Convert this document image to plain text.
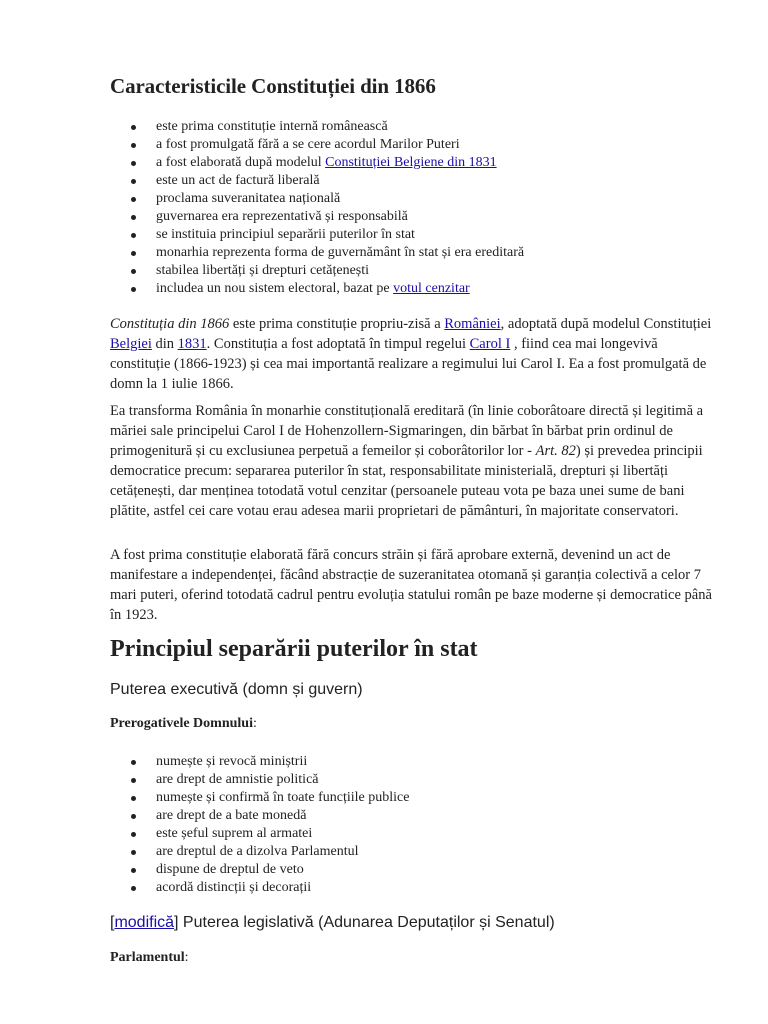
Caracteristicile Constituției din 1866
este prima constituție internă românească
a fost promulgată fără a se cere acordul Marilor Puteri
a fost elaborată după modelul Constituției Belgiene din 1831
este un act de factură liberală
proclama suveranitatea națională
guvernarea era reprezentativă și responsabilă
se instituia principiul separării puterilor în stat
monarhia reprezenta forma de guvernământ în stat și era ereditară
stabilea libertăți și drepturi cetățenești
includea un nou sistem electoral, bazat pe votul cenzitar

Constituția din 1866 este prima constituție propriu-zisă a României, adoptată după modelul Constituției Belgiei din 1831. Constituția a fost adoptată în timpul regelui Carol I , fiind cea mai longevivă constituție (1866-1923) și cea mai importantă realizare a regimului lui Carol I. Ea a fost promulgată de domn la 1 iulie 1866.

Ea transforma România în monarhie constituțională ereditară (în linie coborâtoare directă și legitimă a măriei sale principelui Carol I de Hohenzollern-Sigmaringen, din bărbat în bărbat prin ordinul de primogenitură și cu exclusiunea perpetuă a femeilor și coborâtorilor lor - Art. 82) și prevedea principii democratice precum: separarea puterilor în stat, responsabilitate ministerială, drepturi și libertăți cetățenești, dar menținea totodată votul cenzitar (persoanele puteau vota pe baza unei sume de bani plătite, astfel cei care votau erau adesea marii proprietari de pământuri, în majoritate conservatori.

A fost prima constituție elaborată fără concurs străin și fără aprobare externă, devenind un act de manifestare a independenței, făcând abstracție de suzeranitatea otomană și garanția colectivă a celor 7 mari puteri, oferind totodată cadrul pentru evoluția statului român pe baze moderne și democratice până în 1923.

Principiul separării puterilor în stat
Puterea executivă (domn și guvern)

Prerogativele Domnului:

numește și revocă miniștrii
are drept de amnistie politică
numește și confirmă în toate funcțiile publice
are drept de a bate monedă
este șeful suprem al armatei
are dreptul de a dizolva Parlamentul
dispune de dreptul de veto
acordă distincții și decorații
[modifică] Puterea legislativă (Adunarea Deputaților și Senatul)

Parlamentul:
